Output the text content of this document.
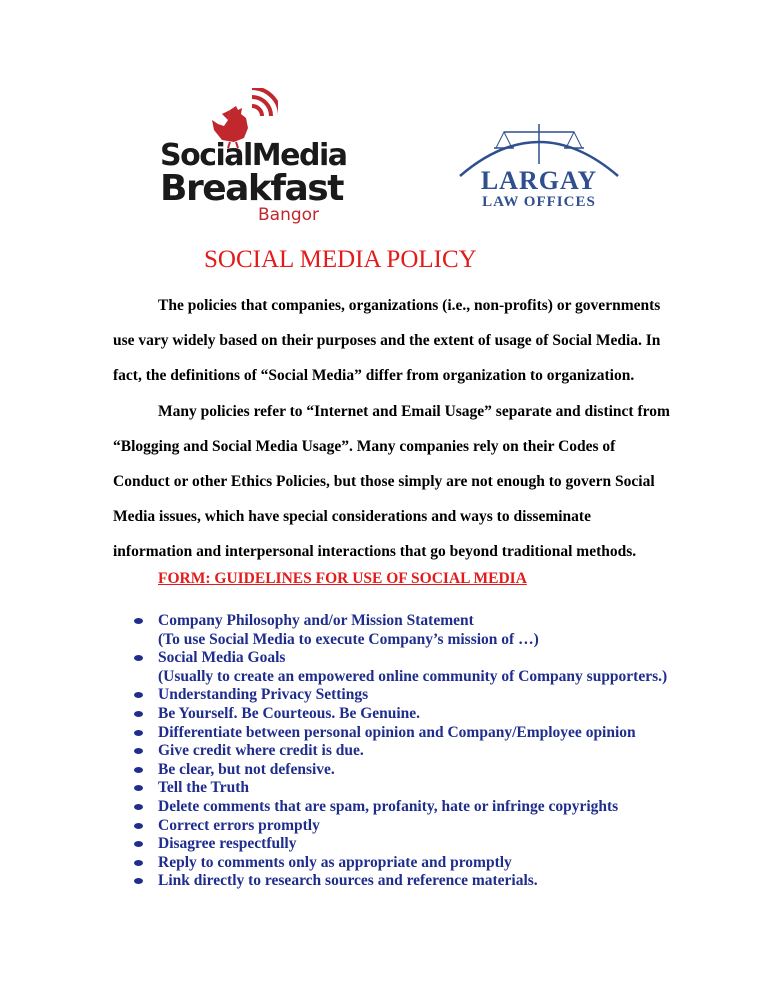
SocialMedia
Breakfast
Bangor
LARGAY
LAW OFFICES
SOCIAL MEDIA POLICY
The policies that companies, organizations (i.e., non-profits) or governments use vary widely based on their purposes and the extent of usage of Social Media. In fact, the definitions of “Social Media” differ from organization to organization.
Many policies refer to “Internet and Email Usage” separate and distinct from “Blogging and Social Media Usage”. Many companies rely on their Codes of Conduct or other Ethics Policies, but those simply are not enough to govern Social Media issues, which have special considerations and ways to disseminate information and interpersonal interactions that go beyond traditional methods.
FORM: GUIDELINES FOR USE OF SOCIAL MEDIA
Company Philosophy and/or Mission Statement
(To use Social Media to execute Company’s mission of …)
Social Media Goals
(Usually to create an empowered online community of Company supporters.)
Understanding Privacy Settings
Be Yourself. Be Courteous. Be Genuine.
Differentiate between personal opinion and Company/Employee opinion
Give credit where credit is due.
Be clear, but not defensive.
Tell the Truth
Delete comments that are spam, profanity, hate or infringe copyrights
Correct errors promptly
Disagree respectfully
Reply to comments only as appropriate and promptly
Link directly to research sources and reference materials.
